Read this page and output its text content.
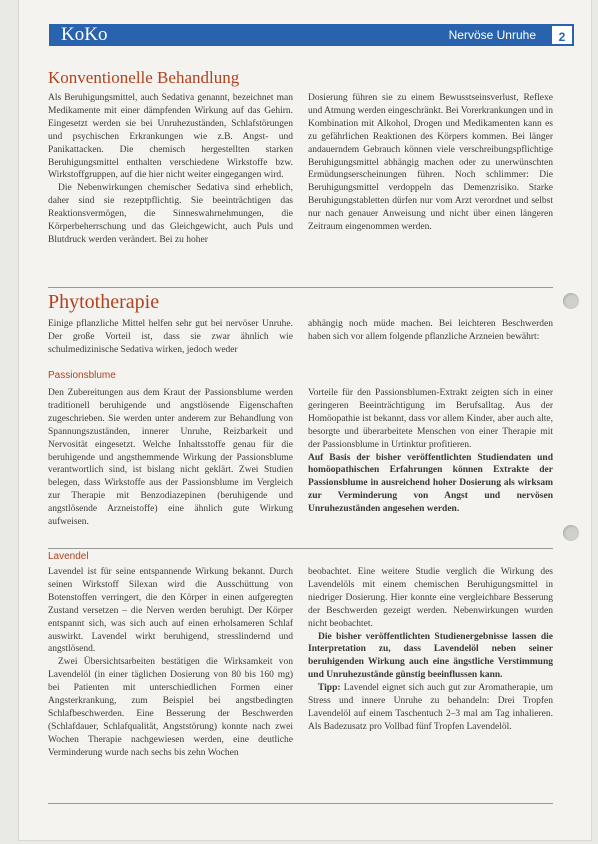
KoKo	Nervöse Unruhe	2
Konventionelle Behandlung

Als Beruhigungsmittel, auch Sedativa genannt, bezeichnet man Medikamente mit einer dämpfenden Wirkung auf das Gehirn. Eingesetzt werden sie bei Unruhezuständen, Schlafstörungen und psychischen Erkrankungen wie z.B. Angst- und Panikattacken. Die chemisch hergestellten starken Beruhigungsmittel enthalten verschiedene Wirkstoffe bzw. Wirkstoffgruppen, auf die hier nicht weiter eingegangen wird.

Die Nebenwirkungen chemischer Sedativa sind erheblich, daher sind sie rezeptpflichtig. Sie beeinträchtigen das Reaktionsvermögen, die Sinneswahrnehmungen, die Körperbeherrschung und das Gleichgewicht, auch Puls und Blutdruck werden verändert. Bei zu hoher

Dosierung führen sie zu einem Bewusstseinsverlust, Reflexe und Atmung werden eingeschränkt. Bei Vorerkrankungen und in Kombination mit Alkohol, Drogen und Medikamenten kann es zu gefährlichen Reaktionen des Körpers kommen. Bei länger andauerndem Gebrauch können viele verschreibungspflichtige Beruhigungsmittel abhängig machen oder zu unerwünschten Ermüdungserscheinungen führen. Noch schlimmer: Die Beruhigungsmittel verdoppeln das Demenzrisiko. Starke Beruhigungstabletten dürfen nur vom Arzt verordnet und selbst nur nach genauer Anweisung und nicht über einen längeren Zeitraum eingenommen werden.

Phytotherapie

Einige pflanzliche Mittel helfen sehr gut bei nervöser Unruhe. Der große Vorteil ist, dass sie zwar ähnlich wie schulmedizinische Sedativa wirken, jedoch weder

abhängig noch müde machen. Bei leichteren Beschwerden haben sich vor allem folgende pflanzliche Arzneien bewährt:

Passionsblume

Den Zubereitungen aus dem Kraut der Passionsblume werden traditionell beruhigende und angstlösende Eigenschaften zugeschrieben. Sie werden unter anderem zur Behandlung von Spannungszuständen, innerer Unruhe, Reizbarkeit und Nervosität eingesetzt. Welche Inhaltsstoffe genau für die beruhigende und angsthemmende Wirkung der Passionsblume verantwortlich sind, ist bislang nicht geklärt. Zwei Studien belegen, dass Wirkstoffe aus der Passionsblume im Vergleich zur Therapie mit Benzodiazepinen (beruhigende und angstlösende Arzneistoffe) eine ähnlich gute Wirkung aufweisen.

Vorteile für den Passionsblumen-Extrakt zeigten sich in einer geringeren Beeinträchtigung im Berufsalltag. Aus der Homöopathie ist bekannt, dass vor allem Kinder, aber auch alte, besorgte und überarbeitete Menschen von einer Therapie mit der Passionsblume in Urtinktur profitieren.

Auf Basis der bisher veröffentlichten Studiendaten und homöopathischen Erfahrungen können Extrakte der Passionsblume in ausreichend hoher Dosierung als wirksam zur Verminderung von Angst und nervösen Unruhezuständen angesehen werden.

Lavendel

Lavendel ist für seine entspannende Wirkung bekannt. Durch seinen Wirkstoff Silexan wird die Ausschüttung von Botenstoffen verringert, die den Körper in einen aufgeregten Zustand versetzen – die Nerven werden beruhigt. Der Körper entspannt sich, was sich auch auf einen erholsameren Schlaf auswirkt. Lavendel wirkt beruhigend, stresslindernd und angstlösend.

Zwei Übersichtsarbeiten bestätigen die Wirksamkeit von Lavendelöl (in einer täglichen Dosierung von 80 bis 160 mg) bei Patienten mit unterschiedlichen Formen einer Angsterkrankung, zum Beispiel bei angstbedingten Schlafbeschwerden. Eine Besserung der Beschwerden (Schlafdauer, Schlafqualität, Angststörung) konnte nach zwei Wochen Therapie nachgewiesen werden, eine deutliche Verminderung wurde nach sechs bis zehn Wochen

beobachtet. Eine weitere Studie verglich die Wirkung des Lavendelöls mit einem chemischen Beruhigungsmittel in niedriger Dosierung. Hier konnte eine vergleichbare Besserung der Beschwerden gezeigt werden. Nebenwirkungen wurden nicht beobachtet.

Die bisher veröffentlichten Studienergebnisse lassen die Interpretation zu, dass Lavendelöl neben seiner beruhigenden Wirkung auch eine ängstliche Verstimmung und Unruhezustände günstig beeinflussen kann.

Tipp: Lavendel eignet sich auch gut zur Aromatherapie, um Stress und innere Unruhe zu behandeln: Drei Tropfen Lavendelöl auf einem Taschentuch 2–3 mal am Tag inhalieren. Als Badezusatz pro Vollbad fünf Tropfen Lavendelöl.
